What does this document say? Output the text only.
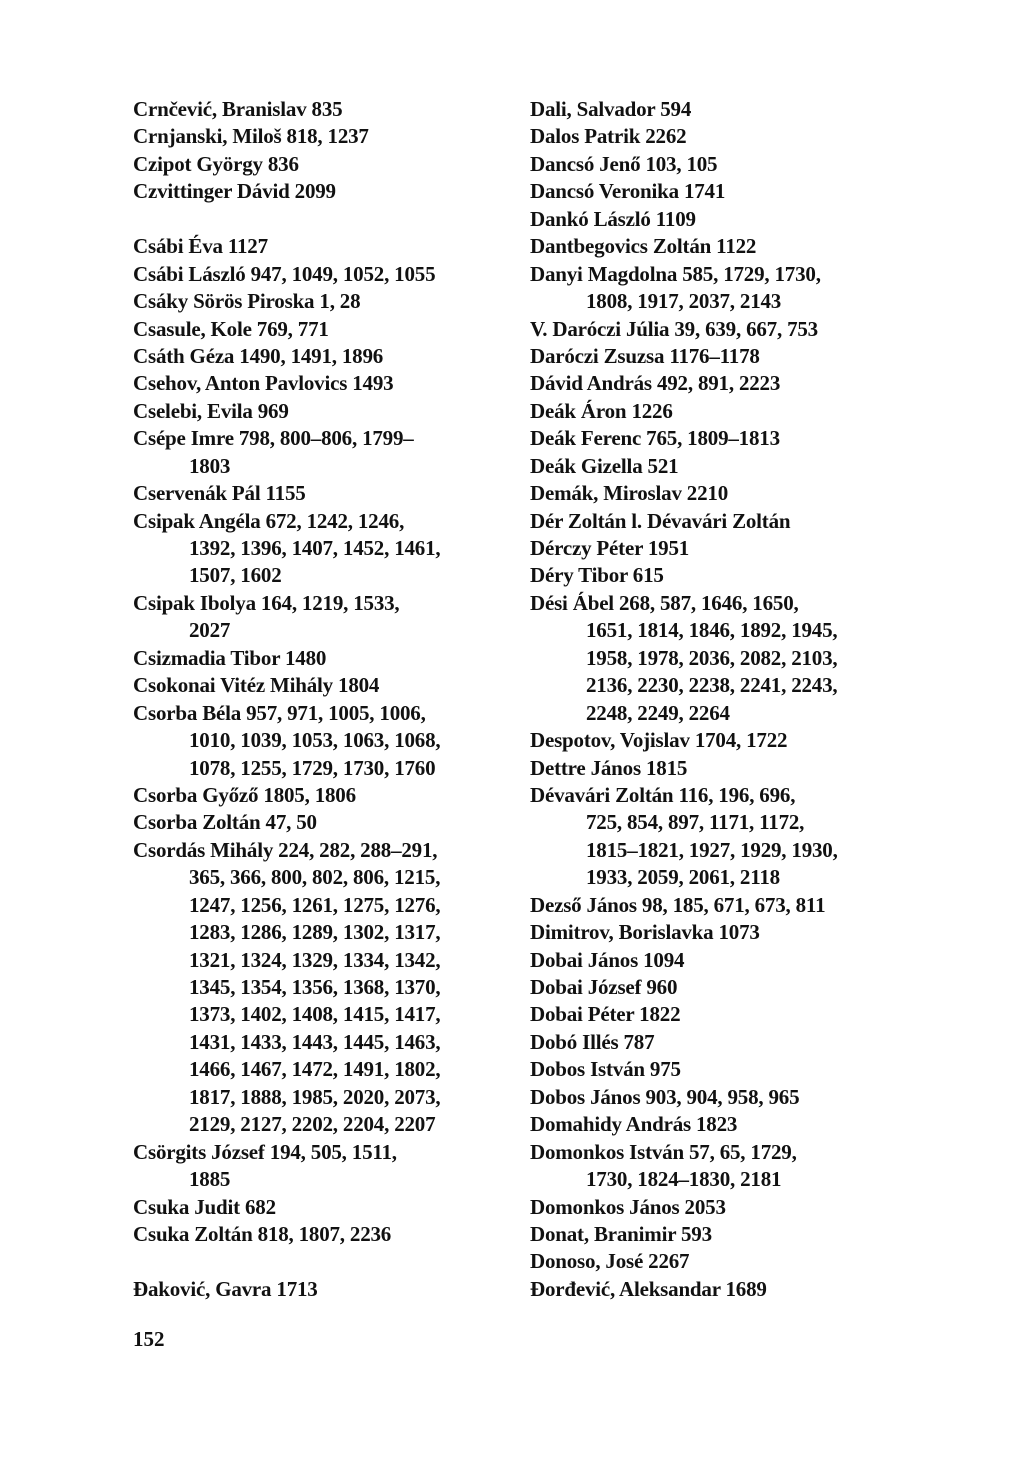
Crnčević, Branislav 835
Crnjanski, Miloš 818, 1237
Czipot György 836
Czvittinger Dávid 2099
Csábi Éva 1127
Csábi László 947, 1049, 1052, 1055
Csáky Sörös Piroska 1, 28
Csasule, Kole 769, 771
Csáth Géza 1490, 1491, 1896
Csehov, Anton Pavlovics 1493
Cselebi, Evila 969
Csépe Imre 798, 800–806, 1799–
1803
Cservenák Pál 1155
Csipak Angéla 672, 1242, 1246,
1392, 1396, 1407, 1452, 1461,
1507, 1602
Csipak Ibolya 164, 1219, 1533,
2027
Csizmadia Tibor 1480
Csokonai Vitéz Mihály 1804
Csorba Béla 957, 971, 1005, 1006,
1010, 1039, 1053, 1063, 1068,
1078, 1255, 1729, 1730, 1760
Csorba Győző 1805, 1806
Csorba Zoltán 47, 50
Csordás Mihály 224, 282, 288–291,
365, 366, 800, 802, 806, 1215,
1247, 1256, 1261, 1275, 1276,
1283, 1286, 1289, 1302, 1317,
1321, 1324, 1329, 1334, 1342,
1345, 1354, 1356, 1368, 1370,
1373, 1402, 1408, 1415, 1417,
1431, 1433, 1443, 1445, 1463,
1466, 1467, 1472, 1491, 1802,
1817, 1888, 1985, 2020, 2073,
2129, 2127, 2202, 2204, 2207
Csörgits József 194, 505, 1511,
1885
Csuka Judit 682
Csuka Zoltán 818, 1807, 2236
Đaković, Gavra 1713
Dali, Salvador 594
Dalos Patrik 2262
Dancsó Jenő 103, 105
Dancsó Veronika 1741
Dankó László 1109
Dantbegovics Zoltán 1122
Danyi Magdolna 585, 1729, 1730,
1808, 1917, 2037, 2143
V. Daróczi Júlia 39, 639, 667, 753
Daróczi Zsuzsa 1176–1178
Dávid András 492, 891, 2223
Deák Áron 1226
Deák Ferenc 765, 1809–1813
Deák Gizella 521
Demák, Miroslav 2210
Dér Zoltán l. Dévavári Zoltán
Dérczy Péter 1951
Déry Tibor 615
Dési Ábel 268, 587, 1646, 1650,
1651, 1814, 1846, 1892, 1945,
1958, 1978, 2036, 2082, 2103,
2136, 2230, 2238, 2241, 2243,
2248, 2249, 2264
Despotov, Vojislav 1704, 1722
Dettre János 1815
Dévavári Zoltán 116, 196, 696,
725, 854, 897, 1171, 1172,
1815–1821, 1927, 1929, 1930,
1933, 2059, 2061, 2118
Dezső János 98, 185, 671, 673, 811
Dimitrov, Borislavka 1073
Dobai János 1094
Dobai József 960
Dobai Péter 1822
Dobó Illés 787
Dobos István 975
Dobos János 903, 904, 958, 965
Domahidy András 1823
Domonkos István 57, 65, 1729,
1730, 1824–1830, 2181
Domonkos János 2053
Donat, Branimir 593
Donoso, José 2267
Đorđević, Aleksandar 1689
152
